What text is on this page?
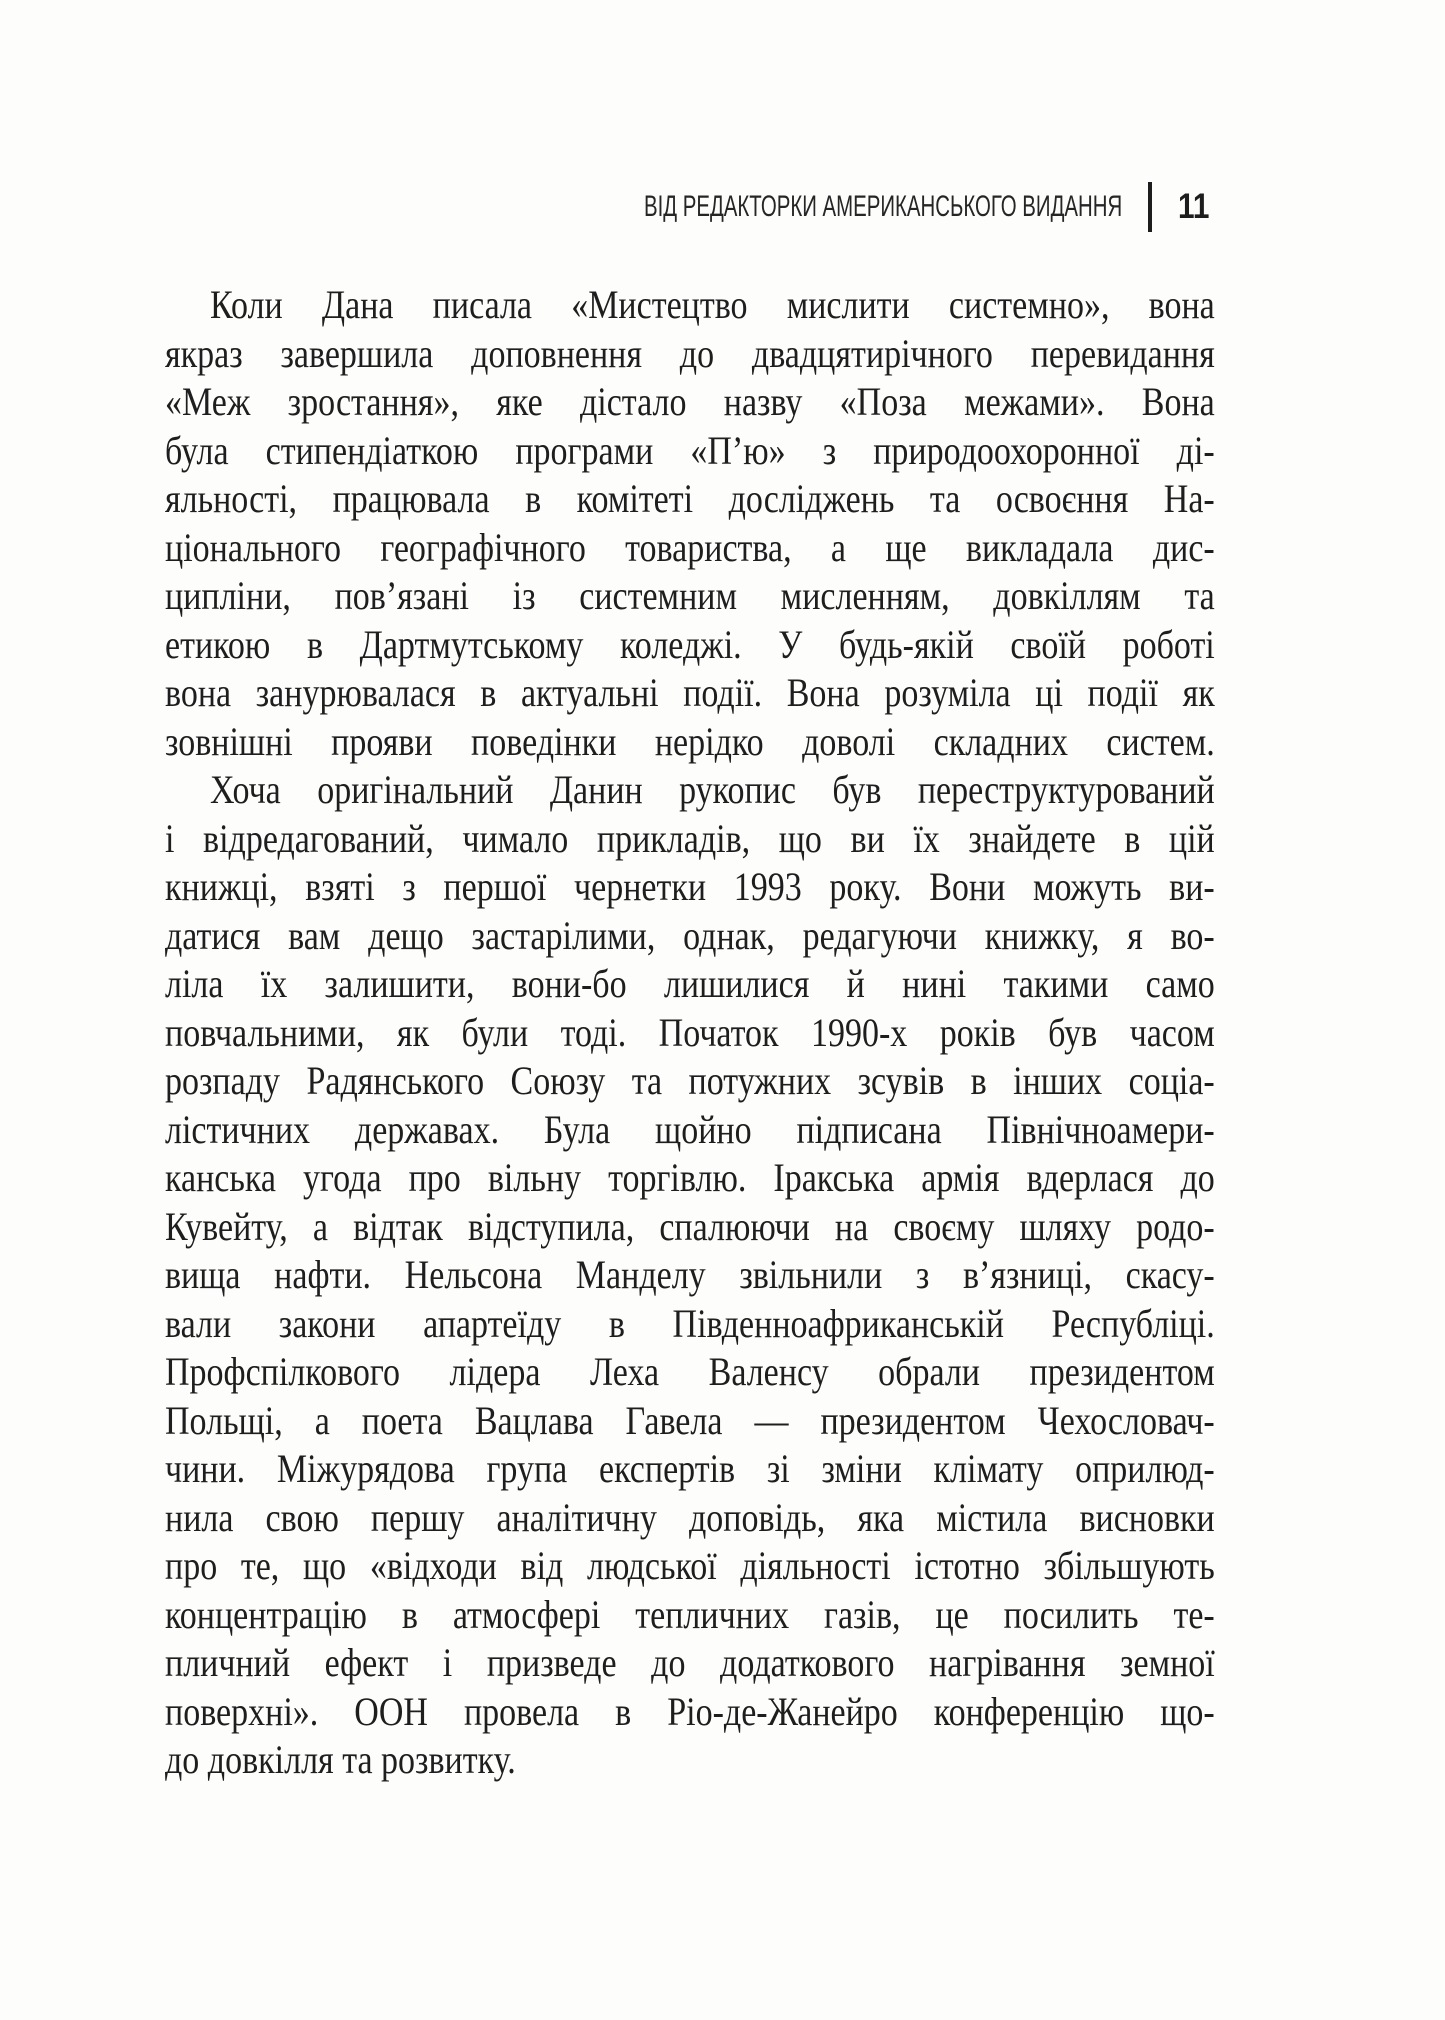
ВІД РЕДАКТОРКИ АМЕРИКАНСЬКОГО ВИДАННЯ 11
Коли Дана писала «Мистецтво мислити системно», вона
якраз завершила доповнення до двадцятирічного перевидання
«Меж зростання», яке дістало назву «Поза межами». Вона
була стипендіаткою програми «П’ю» з природоохоронної ді-
яльності, працювала в комітеті досліджень та освоєння На-
ціонального географічного товариства, а ще викладала дис-
ципліни, пов’язані із системним мисленням, довкіллям та
етикою в Дартмутському коледжі. У будь-якій своїй роботі
вона занурювалася в актуальні події. Вона розуміла ці події як
зовнішні прояви поведінки нерідко доволі складних систем.
Хоча оригінальний Данин рукопис був переструктурований
і відредагований, чимало прикладів, що ви їх знайдете в цій
книжці, взяті з першої чернетки 1993 року. Вони можуть ви-
датися вам дещо застарілими, однак, редагуючи книжку, я во-
ліла їх залишити, вони-бо лишилися й нині такими само
повчальними, як були тоді. Початок 1990-х років був часом
розпаду Радянського Союзу та потужних зсувів в інших соціа-
лістичних державах. Була щойно підписана Північноамери-
канська угода про вільну торгівлю. Іракська армія вдерлася до
Кувейту, а відтак відступила, спалюючи на своєму шляху родо-
вища нафти. Нельсона Манделу звільнили з в’язниці, скасу-
вали закони апартеїду в Південноафриканській Республіці.
Профспілкового лідера Леха Валенсу обрали президентом
Польщі, а поета Вацлава Гавела — президентом Чехословач-
чини. Міжурядова група експертів зі зміни клімату оприлюд-
нила свою першу аналітичну доповідь, яка містила висновки
про те, що «відходи від людської діяльності істотно збільшують
концентрацію в атмосфері тепличних газів, це посилить те-
пличний ефект і призведе до додаткового нагрівання земної
поверхні». ООН провела в Ріо-де-Жанейро конференцію що-
до довкілля та розвитку.
